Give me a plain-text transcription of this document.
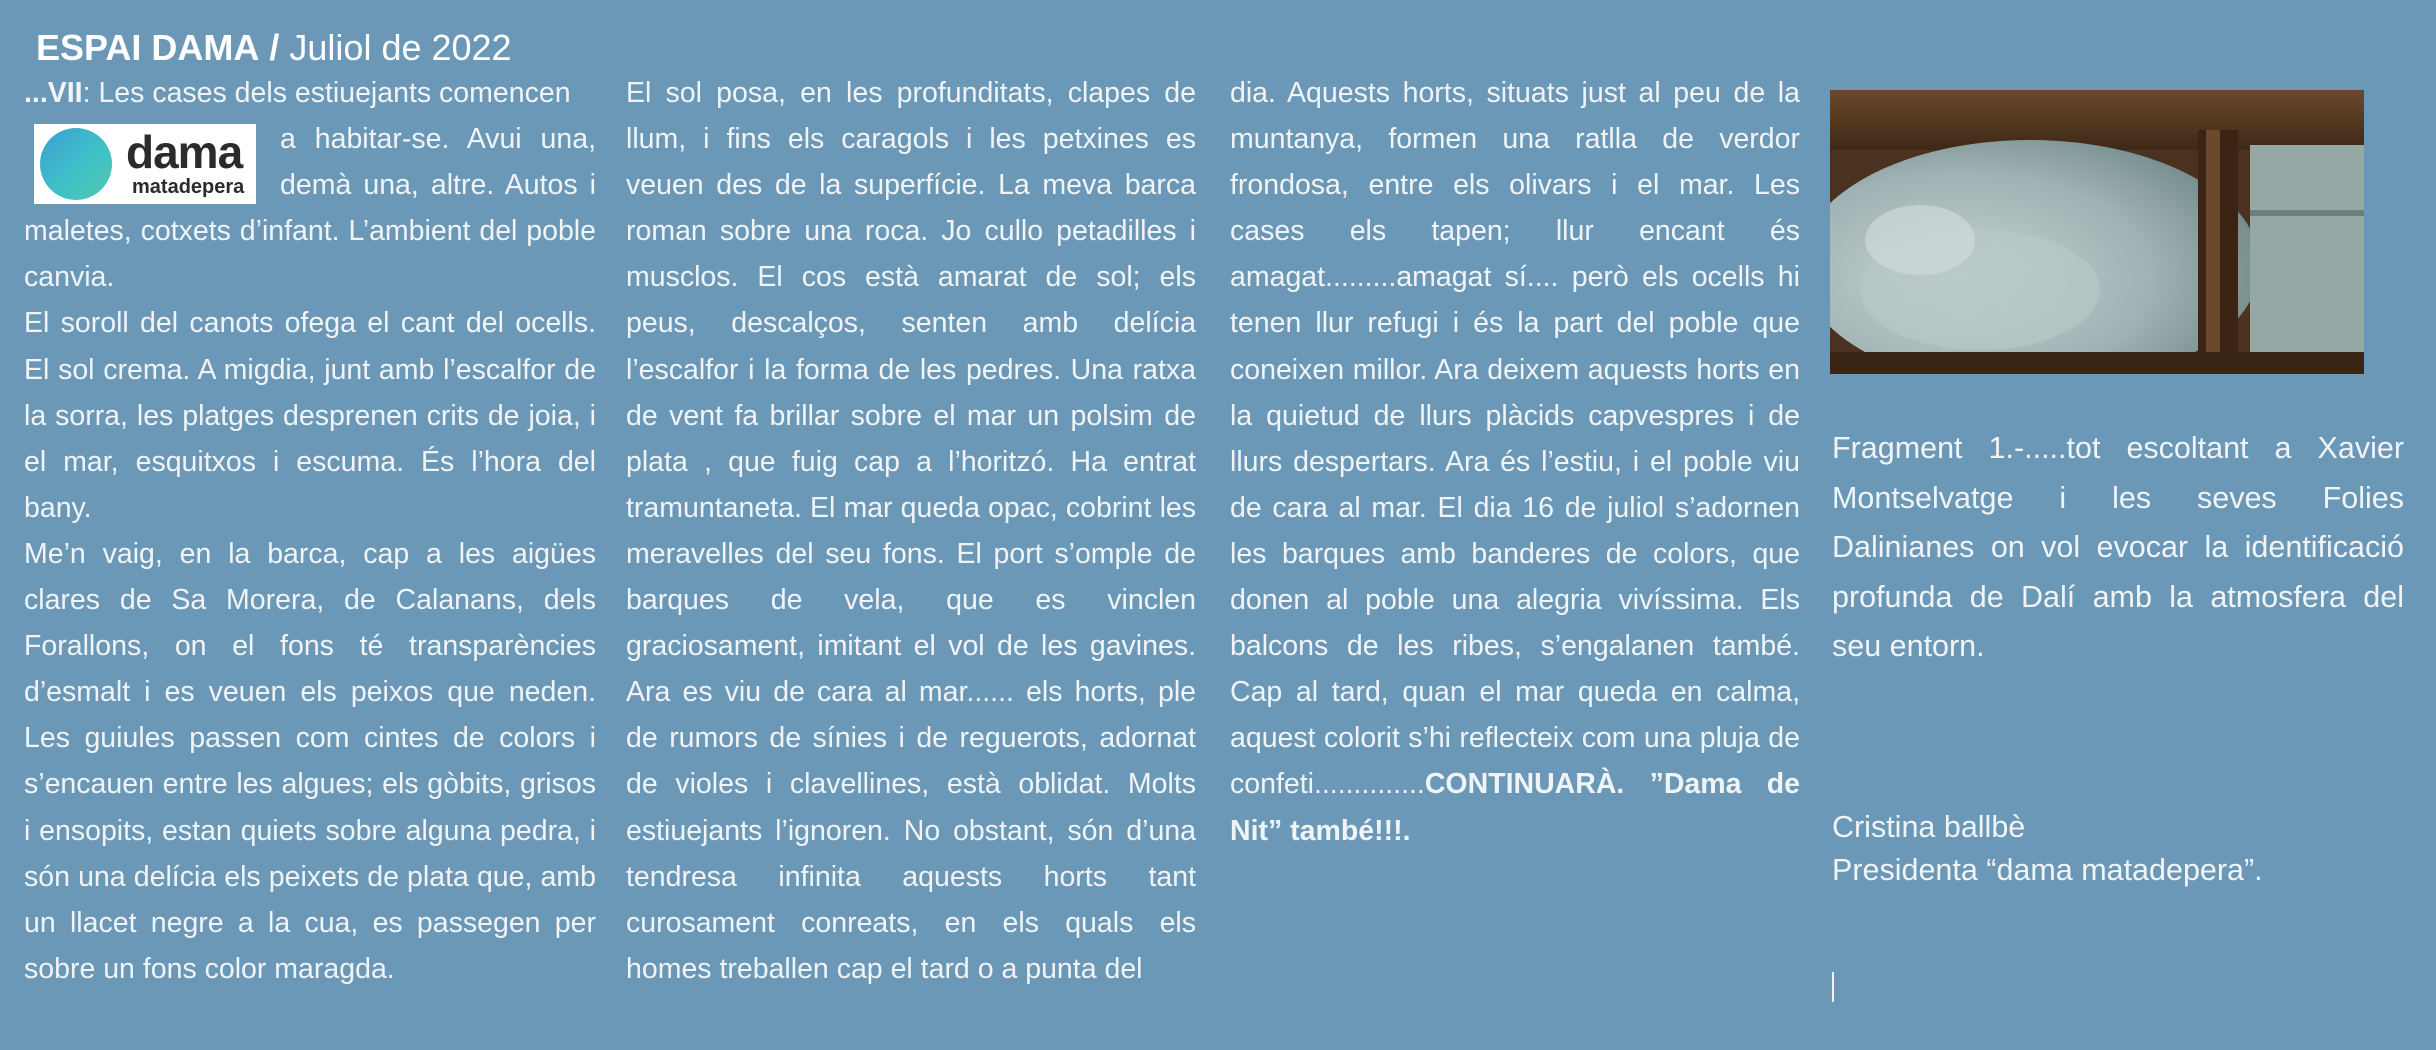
ESPAI DAMA / Juliol de 2022

...VII: Les cases dels estiuejants comencen

dama
matadepera
a habitar-se. Avui una, demà una, altre. Autos i maletes, cotxets d’infant. L’ambient del poble canvia.

El soroll del canots ofega el cant del ocells. El sol crema. A migdia, junt amb l’escalfor de la sorra, les platges desprenen crits de joia, i el mar, esquitxos i escuma. És l’hora del bany.

Me’n vaig, en la barca, cap a les aigües clares de Sa Morera, de Calanans, dels Forallons, on el fons té transparències d’esmalt i es veuen els peixos que neden. Les guiules passen com cintes de colors i s’encauen entre les algues; els gòbits, grisos i ensopits, estan quiets sobre alguna pedra, i són una delícia els peixets de plata que, amb un llacet negre a la cua, es passegen per sobre un fons color maragda.

El sol posa, en les profunditats, clapes de llum, i fins els caragols i les petxines es veuen des de la superfície. La meva barca roman sobre una roca. Jo cullo petadilles i musclos. El cos està amarat de sol; els peus, descalços, senten amb delícia l’escalfor i la forma de les pedres. Una ratxa de vent fa brillar sobre el mar un polsim de plata , que fuig cap a l’horitzó. Ha entrat tramuntaneta. El mar queda opac, cobrint les meravelles del seu fons. El port s’omple de barques de vela, que es vinclen graciosament, imitant el vol de les gavines. Ara es viu de cara al mar...... els horts, ple de rumors de sínies i de reguerots, adornat de violes i clavellines, està oblidat. Molts estiuejants l’ignoren. No obstant, són d’una tendresa infinita aquests horts tant curosament conreats, en els quals els homes treballen cap el tard o a punta del

dia. Aquests horts, situats just al peu de la muntanya, formen una ratlla de verdor frondosa, entre els olivars i el mar. Les cases els tapen; llur encant és amagat.........amagat sí.... però els ocells hi tenen llur refugi i és la part del poble que coneixen millor. Ara deixem aquests horts en la quietud de llurs plàcids capvespres i de llurs despertars. Ara és l’estiu, i el poble viu de cara al mar. El dia 16 de juliol s’adornen les barques amb banderes de colors, que donen al poble una alegria vivíssima. Els balcons de les ribes, s’engalanen també. Cap al tard, quan el mar queda en calma, aquest colorit s’hi reflecteix com una pluja de confeti..............CONTINUARÀ. ”Dama de Nit” també!!!.

Fragment 1.-.....tot escoltant a Xavier Montselvatge i les seves Folies Dalinianes on vol evocar la identificació profunda de Dalí amb la atmosfera del seu entorn.

Cristina ballbè

Presidenta “dama matadepera”.
